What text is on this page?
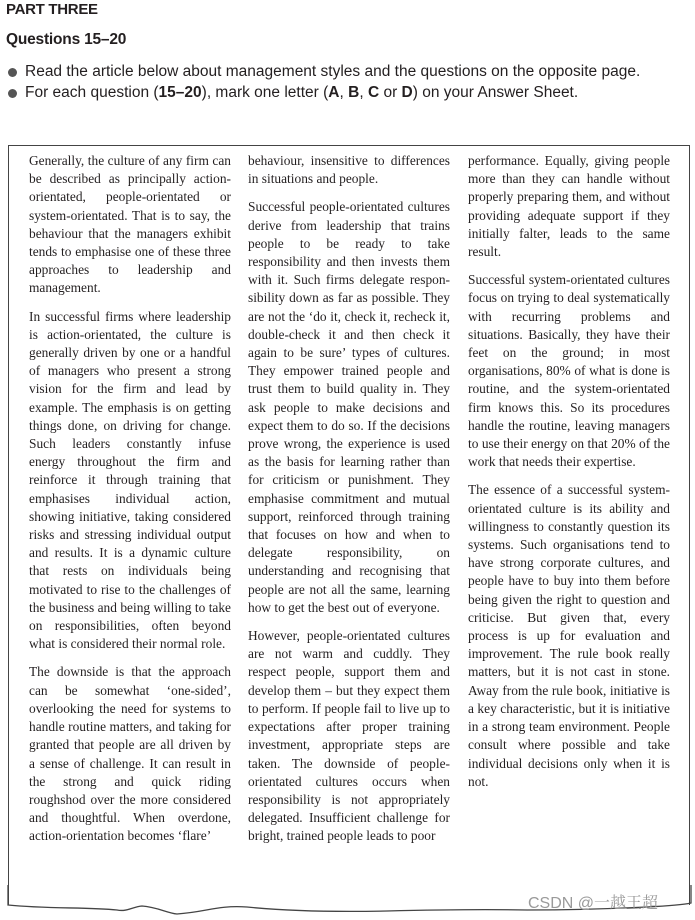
PART THREE
Questions 15–20
Read the article below about management styles and the questions on the opposite page.
For each question (15–20), mark one letter (A, B, C or D) on your Answer Sheet.

Generally, the culture of any firm can be described as principally action-orientated, people-orientated or system-orientated. That is to say, the behaviour that the managers exhibit tends to emphasise one of these three approaches to leadership and management.

In successful firms where leadership is action-orientated, the culture is generally driven by one or a handful of managers who present a strong vision for the firm and lead by example. The emphasis is on getting things done, on driving for change. Such leaders constantly infuse energy throughout the firm and reinforce it through training that emphasises individual action, showing initiative, taking considered risks and stressing individual output and results. It is a dynamic culture that rests on individuals being motivated to rise to the challenges of the business and being willing to take on responsibilities, often beyond what is considered their normal role.

The downside is that the approach can be somewhat ‘one-sided’, overlooking the need for systems to handle routine matters, and taking for granted that people are all driven by a sense of challenge. It can result in the strong and quick riding roughshod over the more considered and thoughtful. When overdone, action-orientation becomes ‘flare’

behaviour, insensitive to differences in situations and people.

Successful people-orientated cultures derive from leadership that trains people to be ready to take responsibility and then invests them with it. Such firms delegate responsibility down as far as possible. They are not the ‘do it, check it, recheck it, double-check it and then check it again to be sure’ types of cultures. They empower trained people and trust them to build quality in. They ask people to make decisions and expect them to do so. If the decisions prove wrong, the experience is used as the basis for learning rather than for criticism or punishment. They emphasise commitment and mutual support, reinforced through training that focuses on how and when to delegate responsibility, on understanding and recognising that people are not all the same, learning how to get the best out of everyone.

However, people-orientated cultures are not warm and cuddly. They respect people, support them and develop them – but they expect them to perform. If people fail to live up to expectations after proper training investment, appropriate steps are taken. The downside of people-orientated cultures occurs when responsibility is not appropriately delegated. Insufficient challenge for bright, trained people leads to poor

performance. Equally, giving people more than they can handle without properly preparing them, and without providing adequate support if they initially falter, leads to the same result.

Successful system-orientated cultures focus on trying to deal systematically with recurring problems and situations. Basically, they have their feet on the ground; in most organisations, 80% of what is done is routine, and the system-orientated firm knows this. So its procedures handle the routine, leaving managers to use their energy on that 20% of the work that needs their expertise.

The essence of a successful system-orientated culture is its ability and willingness to constantly question its systems. Such organisations tend to have strong corporate cultures, and people have to buy into them before being given the right to question and criticise. But given that, every process is up for evaluation and improvement. The rule book really matters, but it is not cast in stone. Away from the rule book, initiative is a key characteristic, but it is initiative in a strong team environment. People consult where possible and take individual decisions only when it is not.

CSDN @一越王超
